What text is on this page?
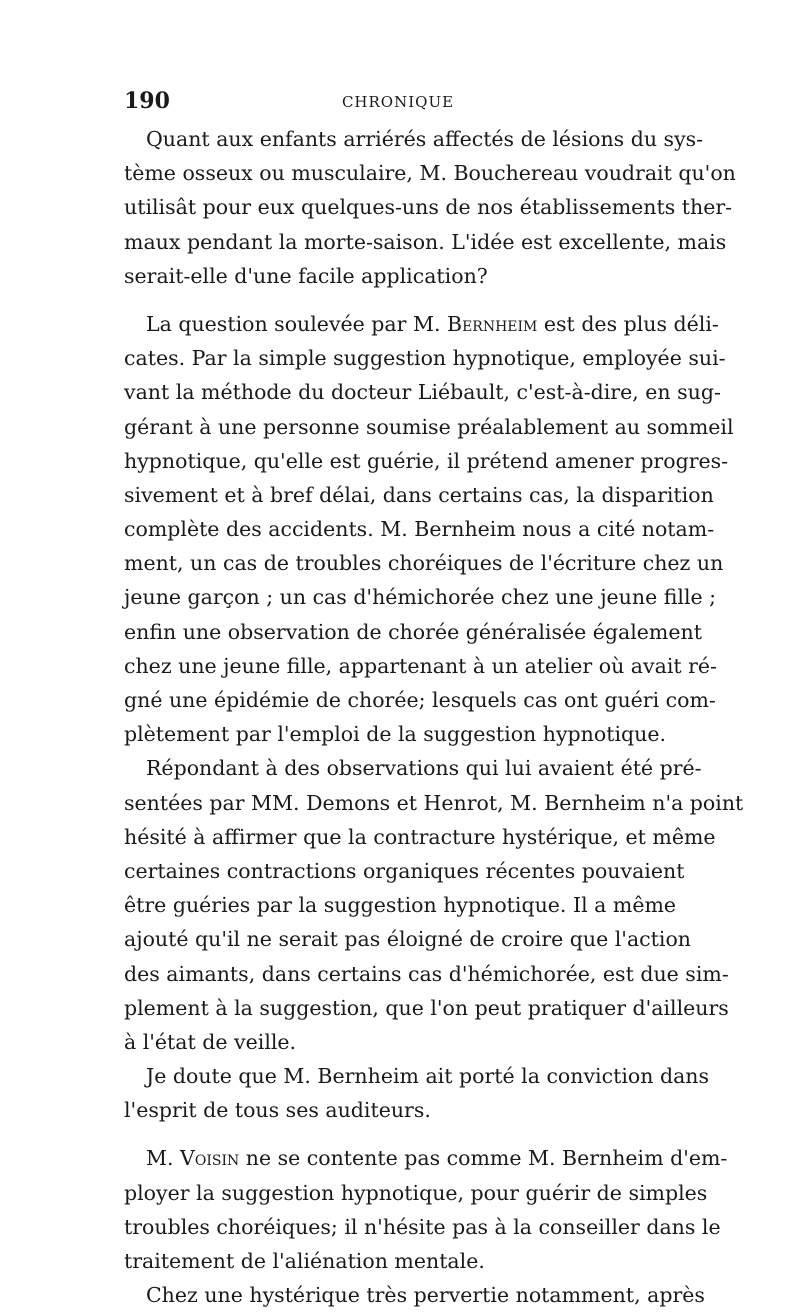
190	CHRONIQUE
Quant aux enfants arriérés affectés de lésions du sys-
tème osseux ou musculaire, M. Bouchereau voudrait qu'on
utilisât pour eux quelques-uns de nos établissements ther-
maux pendant la morte-saison. L'idée est excellente, mais
serait-elle d'une facile application?
La question soulevée par M. Bernheim est des plus déli-
cates. Par la simple suggestion hypnotique, employée sui-
vant la méthode du docteur Liébault, c'est-à-dire, en sug-
gérant à une personne soumise préalablement au sommeil
hypnotique, qu'elle est guérie, il prétend amener progres-
sivement et à bref délai, dans certains cas, la disparition
complète des accidents. M. Bernheim nous a cité notam-
ment, un cas de troubles choréiques de l'écriture chez un
jeune garçon ; un cas d'hémichorée chez une jeune fille ;
enfin une observation de chorée généralisée également
chez une jeune fille, appartenant à un atelier où avait ré-
gné une épidémie de chorée; lesquels cas ont guéri com-
plètement par l'emploi de la suggestion hypnotique.
Répondant à des observations qui lui avaient été pré-
sentées par MM. Demons et Henrot, M. Bernheim n'a point
hésité à affirmer que la contracture hystérique, et même
certaines contractions organiques récentes pouvaient
être guéries par la suggestion hypnotique. Il a même
ajouté qu'il ne serait pas éloigné de croire que l'action
des aimants, dans certains cas d'hémichorée, est due sim-
plement à la suggestion, que l'on peut pratiquer d'ailleurs
à l'état de veille.
Je doute que M. Bernheim ait porté la conviction dans
l'esprit de tous ses auditeurs.
M. Voisin ne se contente pas comme M. Bernheim d'em-
ployer la suggestion hypnotique, pour guérir de simples
troubles choréiques; il n'hésite pas à la conseiller dans le
traitement de l'aliénation mentale.
Chez une hystérique très pervertie notamment, après
